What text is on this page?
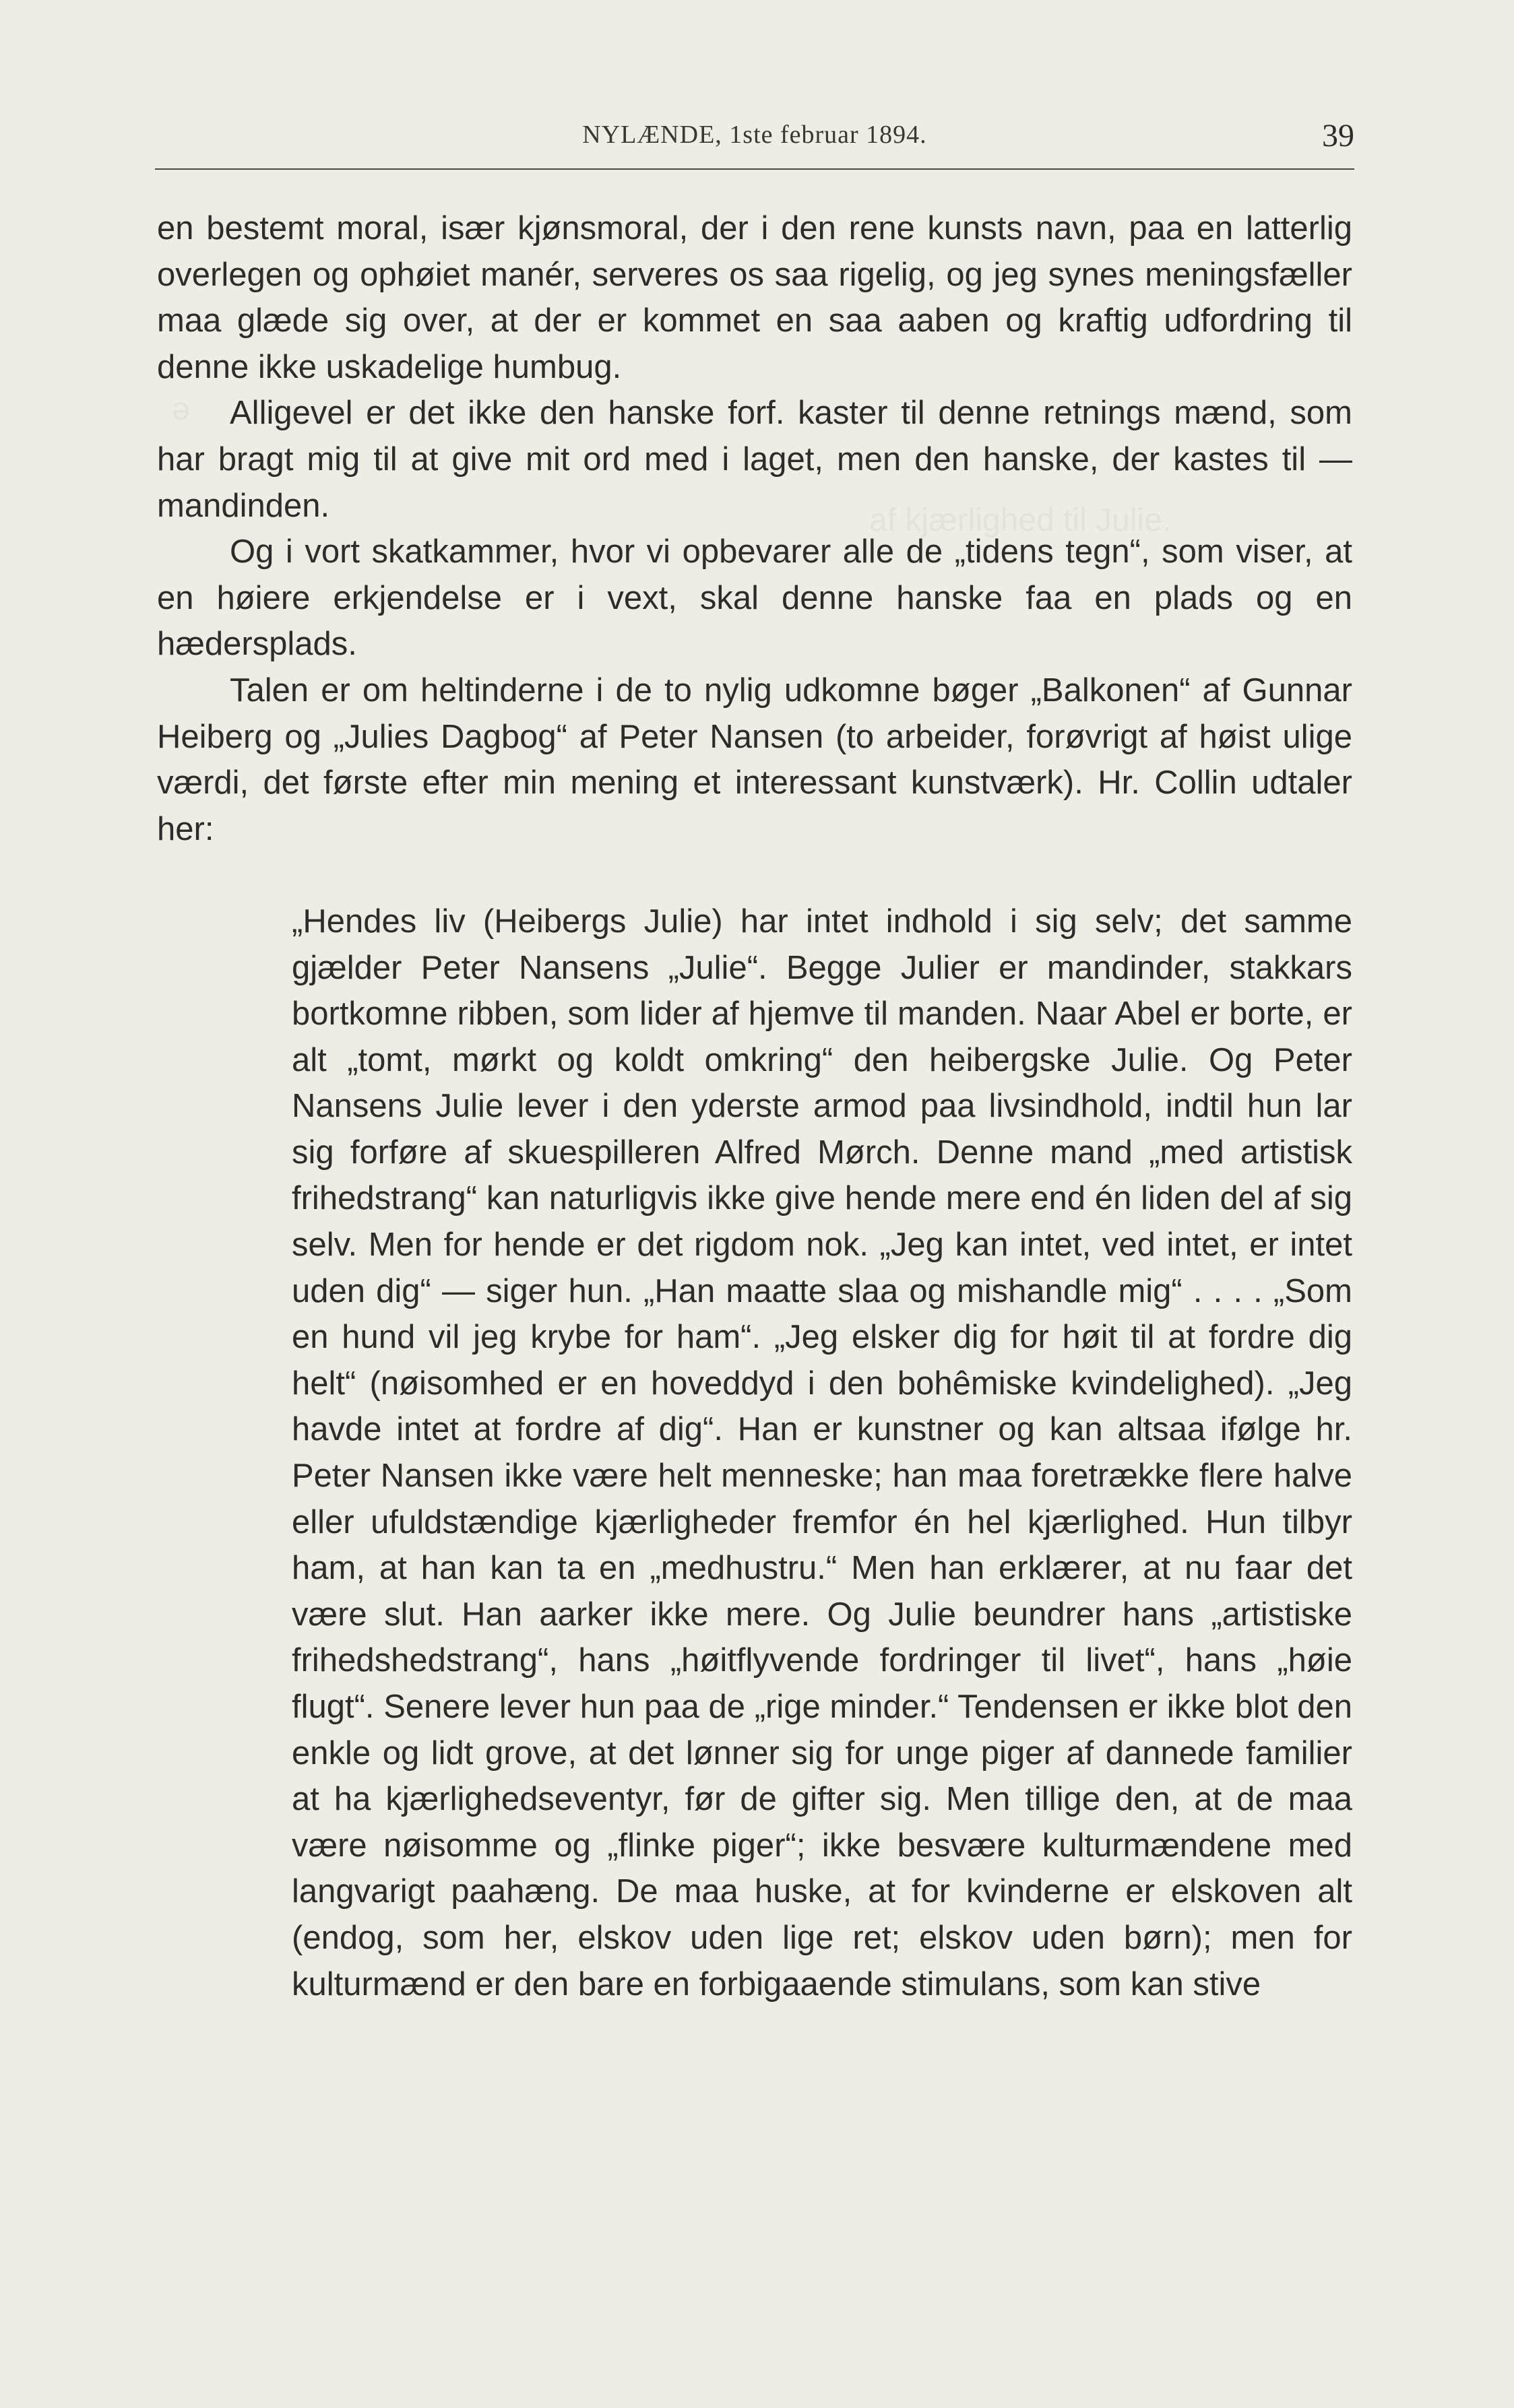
NYLÆNDE, 1ste februar 1894.	39
ə
af kjærlighed til Julie.

en bestemt moral, især kjønsmoral, der i den rene kunsts navn, paa en latterlig overlegen og ophøiet manér, serveres os saa rigelig, og jeg synes meningsfæller maa glæde sig over, at der er kommet en saa aaben og kraftig udfordring til denne ikke uskadelige humbug.

Alligevel er det ikke den hanske forf. kaster til denne retnings mænd, som har bragt mig til at give mit ord med i laget, men den hanske, der kastes til — mandinden.

Og i vort skatkammer, hvor vi opbevarer alle de „tidens tegn“, som viser, at en høiere erkjendelse er i vext, skal denne hanske faa en plads og en hædersplads.

Talen er om heltinderne i de to nylig udkomne bøger „Balkonen“ af Gunnar Heiberg og „Julies Dagbog“ af Peter Nansen (to arbeider, forøvrigt af høist ulige værdi, det første efter min mening et interessant kunstværk). Hr. Collin udtaler her:

„Hendes liv (Heibergs Julie) har intet indhold i sig selv; det samme gjælder Peter Nansens „Julie“. Begge Julier er mandinder, stakkars bortkomne ribben, som lider af hjemve til manden. Naar Abel er borte, er alt „tomt, mørkt og koldt omkring“ den heibergske Julie. Og Peter Nansens Julie lever i den yderste armod paa livsindhold, indtil hun lar sig forføre af skuespilleren Alfred Mørch. Denne mand „med artistisk frihedstrang“ kan naturligvis ikke give hende mere end én liden del af sig selv. Men for hende er det rigdom nok. „Jeg kan intet, ved intet, er intet uden dig“ — siger hun. „Han maatte slaa og mishandle mig“ . . . . „Som en hund vil jeg krybe for ham“. „Jeg elsker dig for høit til at fordre dig helt“ (nøisomhed er en hoveddyd i den bohêmiske kvindelighed). „Jeg havde intet at fordre af dig“. Han er kunstner og kan altsaa ifølge hr. Peter Nansen ikke være helt menneske; han maa foretrække flere halve eller ufuldstændige kjærligheder fremfor én hel kjærlighed. Hun tilbyr ham, at han kan ta en „medhustru.“ Men han erklærer, at nu faar det være slut. Han aarker ikke mere. Og Julie beundrer hans „artistiske frihedshedstrang“, hans „høitflyvende fordringer til livet“, hans „høie flugt“. Senere lever hun paa de „rige minder.“ Tendensen er ikke blot den enkle og lidt grove, at det lønner sig for unge piger af dannede familier at ha kjærlighedseventyr, før de gifter sig. Men tillige den, at de maa være nøisomme og „flinke piger“; ikke besvære kulturmændene med langvarigt paahæng. De maa huske, at for kvinderne er elskoven alt (endog, som her, elskov uden lige ret; elskov uden børn); men for kulturmænd er den bare en forbigaaende stimulans, som kan stive
